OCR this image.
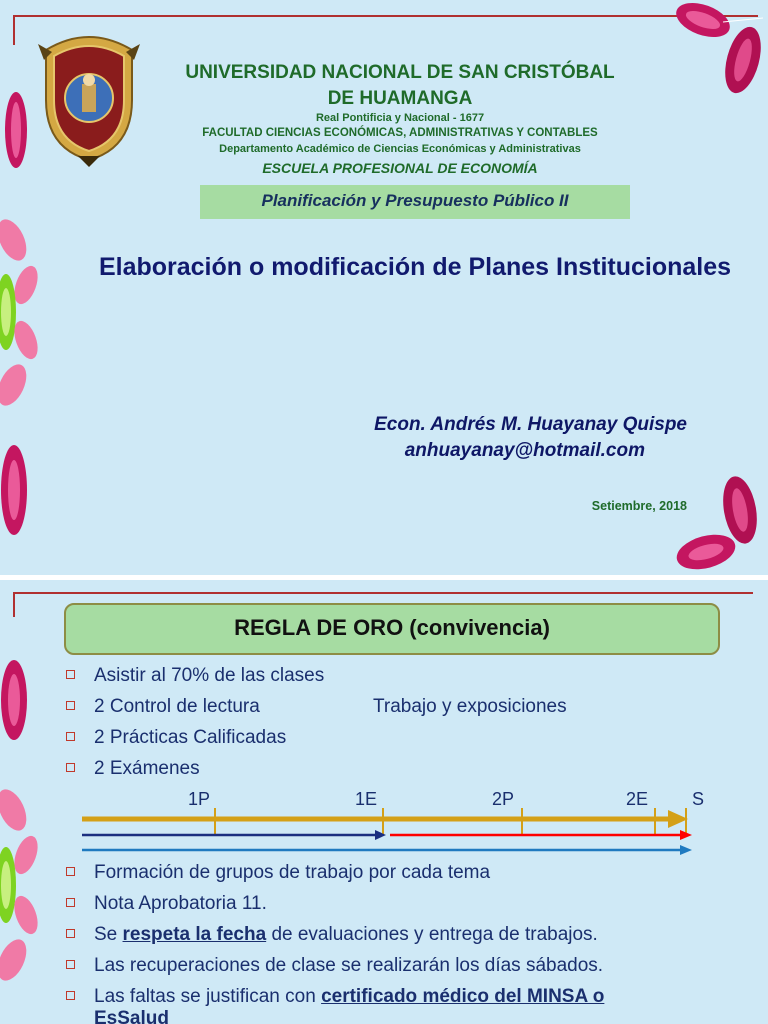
UNIVERSIDAD NACIONAL DE SAN CRISTÓBAL

DE HUAMANGA

Real Pontificia y Nacional - 1677

FACULTAD CIENCIAS ECONÓMICAS, ADMINISTRATIVAS Y CONTABLES

Departamento Académico de Ciencias Económicas y Administrativas

ESCUELA PROFESIONAL DE ECONOMÍA

Planificación y Presupuesto Público II

Elaboración o modificación de Planes Institucionales

Econ. Andrés M. Huayanay Quispe

anhuayanay@hotmail.com

Setiembre, 2018

REGLA DE ORO (convivencia)

Asistir al 70% de las clases
2 Control de lectura	Trabajo y exposiciones
2 Prácticas Calificadas
2 Exámenes
1P	1E	2P	2E S
Formación de grupos de trabajo por cada tema
Nota Aprobatoria 11.
Se respeta la fecha de evaluaciones y entrega de trabajos.
Las recuperaciones de clase se realizarán los días sábados.
Las faltas se justifican con certificado médico del MINSA o
EsSalud
